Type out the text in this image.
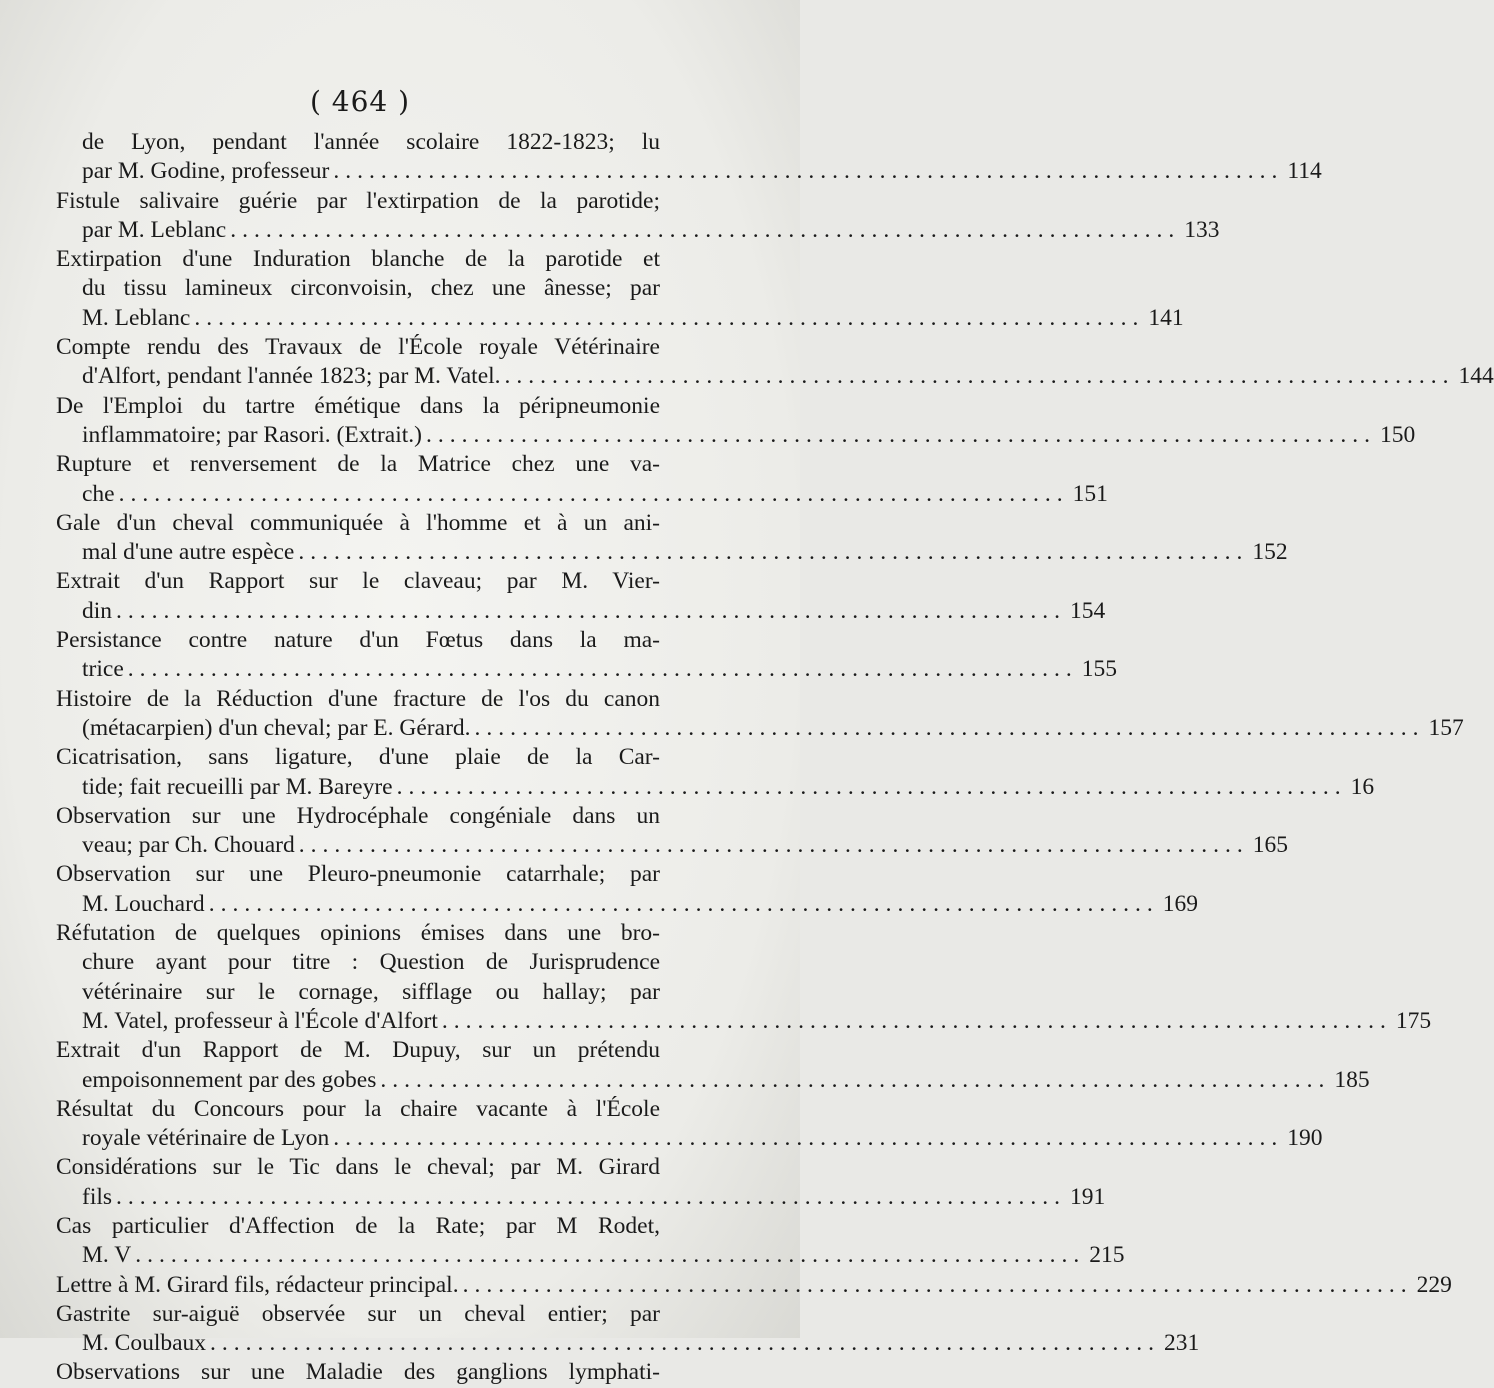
( 464 )
de Lyon, pendant l'année scolaire 1822-1823; lu
par M. Godine, professeur ................................................................................ 114
Fistule salivaire guérie par l'extirpation de la parotide;
par M. Leblanc ................................................................................ 133
Extirpation d'une Induration blanche de la parotide et
du tissu lamineux circonvoisin, chez une ânesse; par
M. Leblanc ................................................................................ 141
Compte rendu des Travaux de l'École royale Vétérinaire
d'Alfort, pendant l'année 1823; par M. Vatel. ................................................................................ 144
De l'Emploi du tartre émétique dans la péripneumonie
inflammatoire; par Rasori. (Extrait.) ................................................................................ 150
Rupture et renversement de la Matrice chez une va-
che ................................................................................ 151
Gale d'un cheval communiquée à l'homme et à un ani-
mal d'une autre espèce ................................................................................ 152
Extrait d'un Rapport sur le claveau; par M. Vier-
din ................................................................................ 154
Persistance contre nature d'un Fœtus dans la ma-
trice ................................................................................ 155
Histoire de la Réduction d'une fracture de l'os du canon
(métacarpien) d'un cheval; par E. Gérard. ................................................................................ 157
Cicatrisation, sans ligature, d'une plaie de la Car-
tide; fait recueilli par M. Bareyre ................................................................................ 16
Observation sur une Hydrocéphale congéniale dans un
veau; par Ch. Chouard ................................................................................ 165
Observation sur une Pleuro-pneumonie catarrhale; par
M. Louchard ................................................................................ 169
Réfutation de quelques opinions émises dans une bro-
chure ayant pour titre : Question de Jurisprudence
vétérinaire sur le cornage, sifflage ou hallay; par
M. Vatel, professeur à l'École d'Alfort ................................................................................ 175
Extrait d'un Rapport de M. Dupuy, sur un prétendu
empoisonnement par des gobes ................................................................................ 185
Résultat du Concours pour la chaire vacante à l'École
royale vétérinaire de Lyon ................................................................................ 190
Considérations sur le Tic dans le cheval; par M. Girard
fils ................................................................................ 191
Cas particulier d'Affection de la Rate; par M Rodet,
M. V ................................................................................ 215
Lettre à M. Girard fils, rédacteur principal. ................................................................................ 229
Gastrite sur-aiguë observée sur un cheval entier; par
M. Coulbaux ................................................................................ 231
Observations sur une Maladie des ganglions lymphati-
